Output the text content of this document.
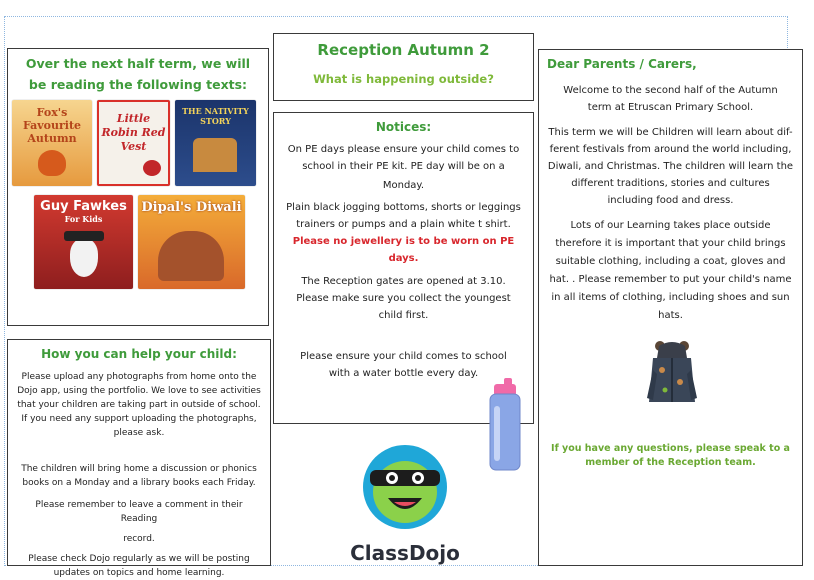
Over the next half term, we will be reading the following texts:
Fox's Favourite Autumn
Little Robin Red Vest
THE NATIVITY STORY
Guy Fawkes
For Kids
Dipal's Diwali
Reception Autumn 2
What is happening outside?
Notices:

On PE days please ensure your child comes to school in their PE kit. PE day will be on a

Monday.

Plain black jogging bottoms, shorts or leggings trainers or pumps and a plain white t shirt.

Please no jewellery is to be worn on PE days.

The Reception gates are opened at 3.10. Please make sure you collect the youngest child first.

Please ensure your child comes to school with a water bottle every day.

How you can help your child:

Please upload any photographs from home onto the Dojo app, using the portfolio. We love to see activities that your children are taking part in outside of school. If you need any support uploading the photographs, please ask.

The children will bring home a discussion or phonics books on a Monday and a library books each Friday.

Please remember to leave a comment in their Reading

record.

Please check Dojo regularly as we will be posting updates on topics and home learning.

ClassDojo
Dear Parents / Carers,

Welcome to the second half of the Autumn term at Etruscan Primary School.

This term we will be Children will learn about dif-ferent festivals from around the world including, Diwali, and Christmas. The children will learn the different traditions, stories and cultures including food and dress.

Lots of our Learning takes place outside therefore it is important that your child brings suitable clothing, including a coat, gloves and hat. . Please remember to put your child's name in all items of clothing, including shoes and sun hats.

If you have any questions, please speak to a member of the Reception team.
